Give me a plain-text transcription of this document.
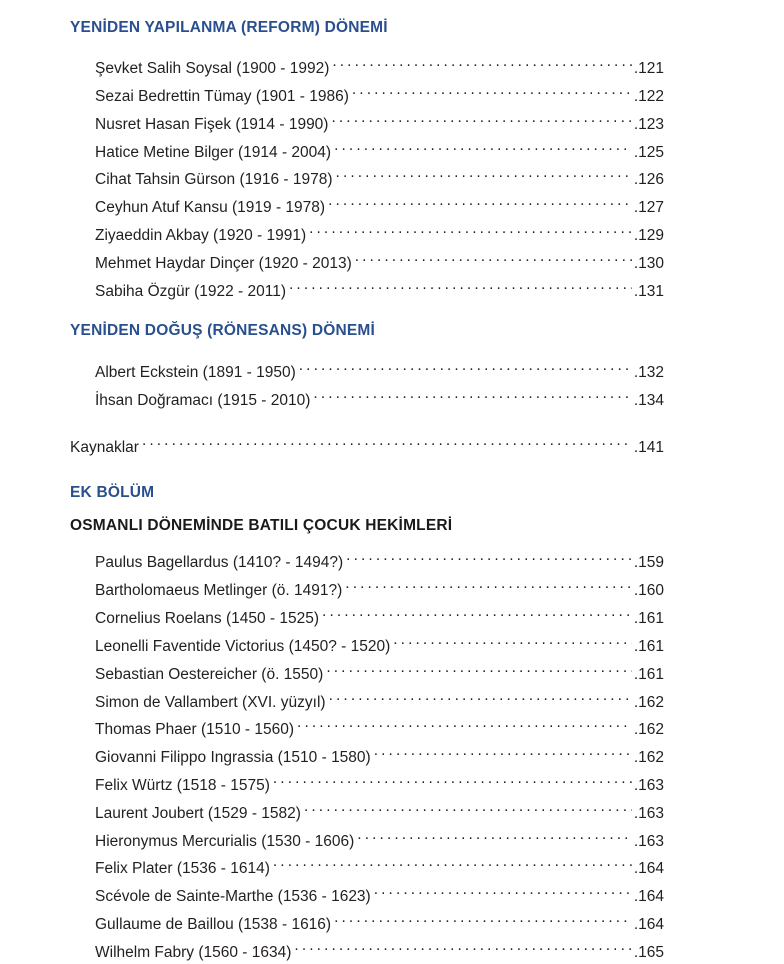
YENİDEN YAPILANMA (REFORM) DÖNEMİ
Şevket Salih Soysal (1900 - 1992) . . .	.121
Sezai Bedrettin Tümay (1901 - 1986) . . .	.122
Nusret Hasan Fişek (1914 - 1990) . . .	.123
Hatice Metine Bilger (1914 - 2004) . . .	.125
Cihat Tahsin Gürson (1916 - 1978) . . .	.126
Ceyhun Atuf Kansu (1919 - 1978) . . .	.127
Ziyaeddin Akbay (1920 - 1991) . . .	.129
Mehmet Haydar Dinçer (1920 - 2013) . . .	.130
Sabiha Özgür (1922 - 2011) . . .	.131
YENİDEN DOĞUŞ (RÖNESANS) DÖNEMİ
Albert Eckstein (1891 - 1950) . . .	.132
İhsan Doğramacı (1915 - 2010) . . .	.134
Kaynaklar . . .	.141
EK BÖLÜM
OSMANLI DÖNEMİNDE BATILI ÇOCUK HEKİMLERİ
Paulus Bagellardus (1410? - 1494?) . . .	.159
Bartholomaeus Metlinger (ö. 1491?) . . .	.160
Cornelius Roelans (1450 - 1525) . . .	.161
Leonelli Faventide Victorius (1450? - 1520) . . .	.161
Sebastian Oestereicher (ö. 1550) . . .	.161
Simon de Vallambert (XVI. yüzyıl) . . .	.162
Thomas Phaer (1510 - 1560) . . .	.162
Giovanni Filippo Ingrassia (1510 - 1580) . . .	.162
Felix Würtz (1518 - 1575) . . .	.163
Laurent Joubert (1529 - 1582) . . .	.163
Hieronymus Mercurialis (1530 - 1606) . . .	.163
Felix Plater (1536 - 1614) . . .	.164
Scévole de Sainte-Marthe (1536 - 1623) . . .	.164
Gullaume de Baillou (1538 - 1616) . . .	.164
Wilhelm Fabry (1560 - 1634) . . .	.165
